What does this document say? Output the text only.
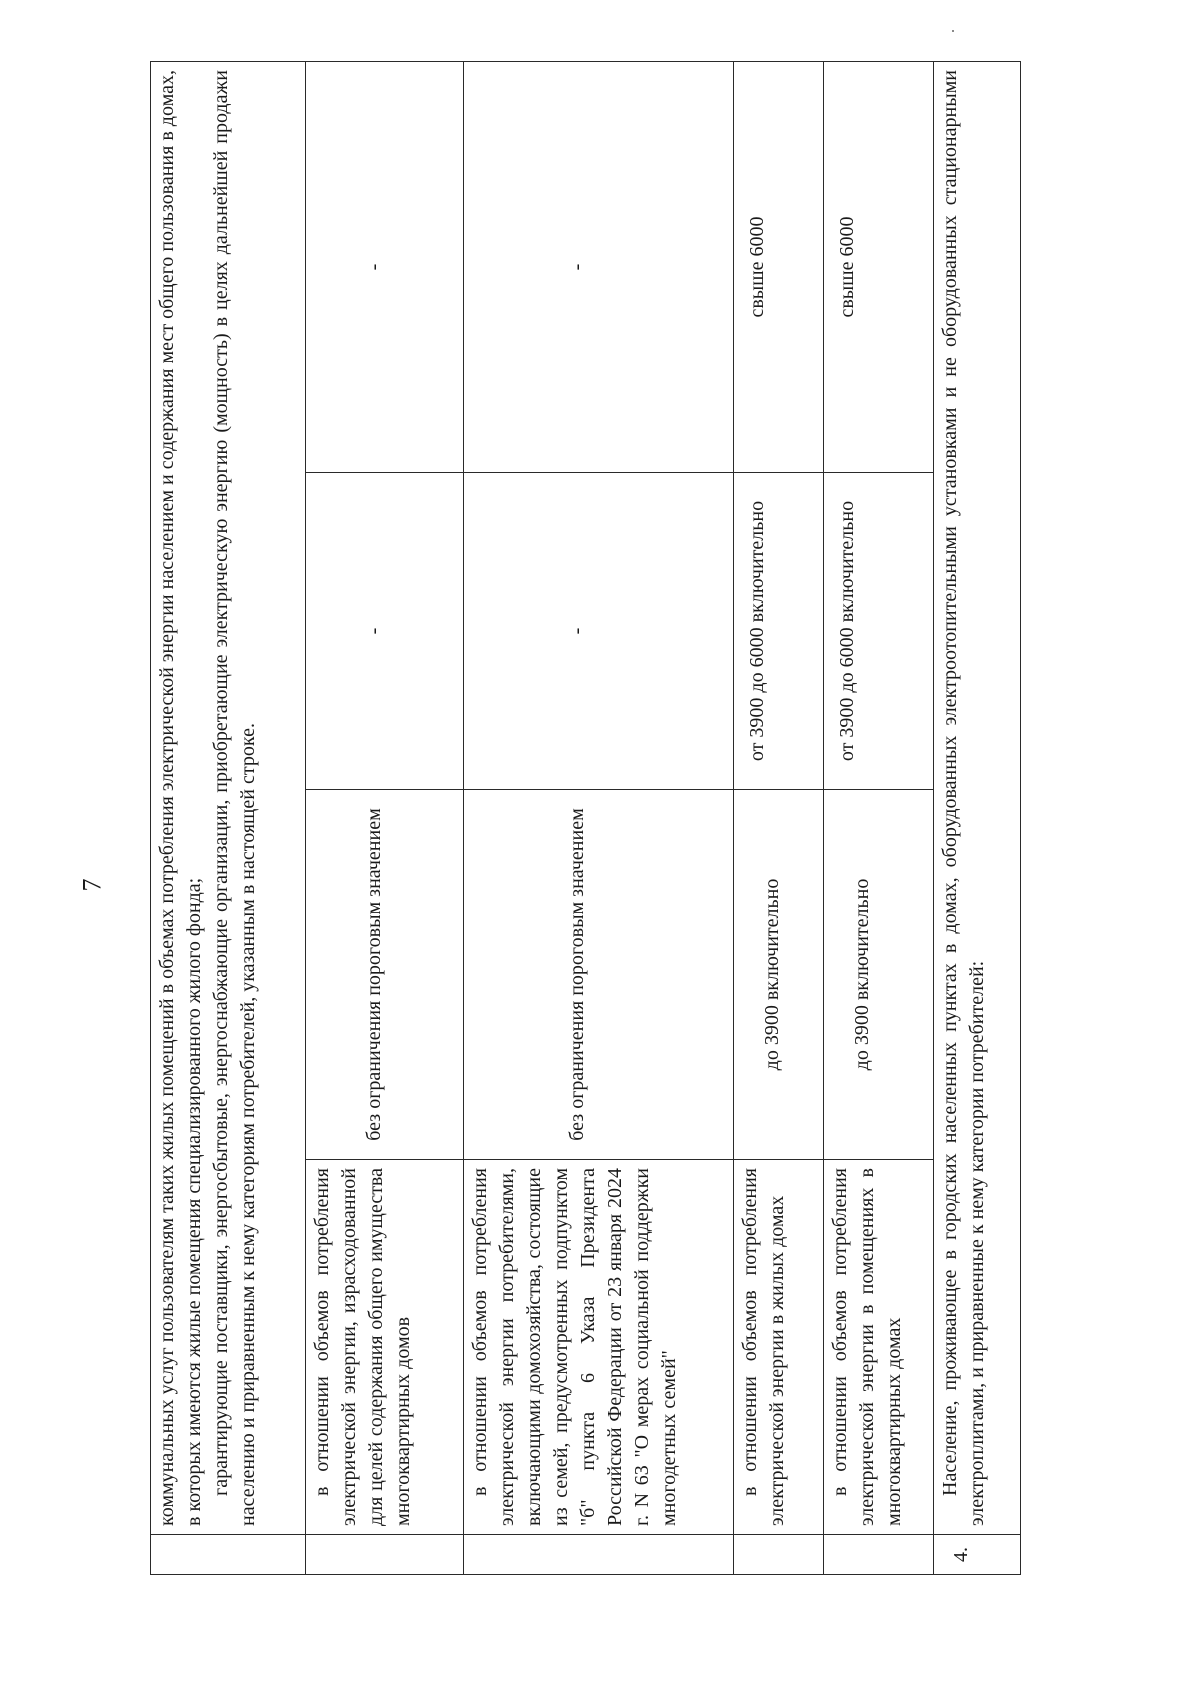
7

	коммунальных услуг пользователям таких жилых помещений в объемах потребления электрической энергии населением и содержания мест общего пользования в домах, в которых имеются жилые помещения специализированного жилого фонда; гарантирующие поставщики, энергосбытовые, энергоснабжающие организации, приобретающие электрическую энергию (мощность) в целях дальнейшей продажи населению и приравненным к нему категориям потребителей, указанным в настоящей строке.			

	в отношении объемов потребления электрической энергии, израсходованной для целей содержания общего имущества многоквартирных домов	без ограничения пороговым значением	-	-
	в отношении объемов потребления электрической энергии потребителями, включающими домохозяйства, состоящие из семей, предусмотренных подпунктом "б" пункта 6 Указа Президента Российской Федерации от 23 января 2024 г. N 63 "О мерах социальной поддержки многодетных семей"	без ограничения пороговым значением	-	-
	в отношении объемов потребления электрической энергии в жилых домах	до 3900 включительно	от 3900 до 6000 включительно	свыше 6000
	в отношении объемов потребления электрической энергии в помещениях в многоквартирных домах	до 3900 включительно	от 3900 до 6000 включительно	свыше 6000
4.	Население, проживающее в городских населенных пунктах в домах, оборудованных электроотопительными установками и не оборудованных стационарными электроплитами, и приравненные к нему категории потребителей:			
